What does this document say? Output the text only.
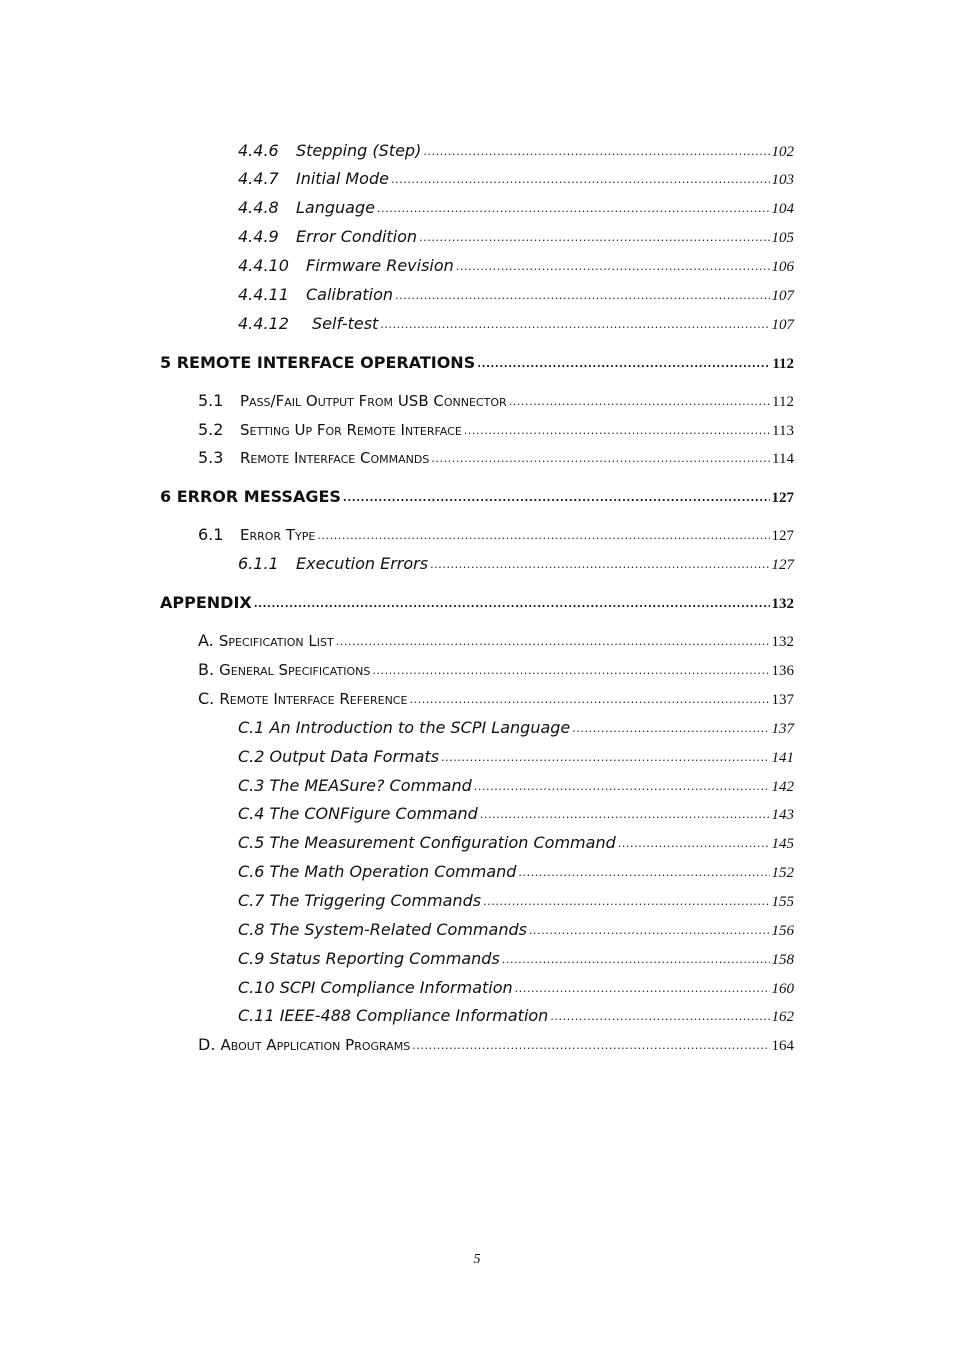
4.4.6 Stepping (Step) .....	102
4.4.7 Initial Mode .....	103
4.4.8 Language .....	104
4.4.9 Error Condition .....	105
4.4.10 Firmware Revision .....	106
4.4.11 Calibration .....	107
4.4.12 Self-test .....	107
5 REMOTE INTERFACE OPERATIONS .....	112
5.1 Pass/Fail Output From USB Connector .....	112
5.2 Setting Up For Remote Interface .....	113
5.3 Remote Interface Commands .....	114
6 ERROR MESSAGES .....	127
6.1 Error Type .....	127
6.1.1 Execution Errors .....	127
APPENDIX .....	132
A. Specification List .....	132
B. General Specifications .....	136
C. Remote Interface Reference .....	137
C.1 An Introduction to the SCPI Language .....	137
C.2 Output Data Formats .....	141
C.3 The MEASure? Command .....	142
C.4 The CONFigure Command .....	143
C.5 The Measurement Configuration Command .....	145
C.6 The Math Operation Command .....	152
C.7 The Triggering Commands .....	155
C.8 The System-Related Commands .....	156
C.9 Status Reporting Commands .....	158
C.10 SCPI Compliance Information .....	160
C.11 IEEE-488 Compliance Information .....	162
D. About Application Programs .....	164
5
